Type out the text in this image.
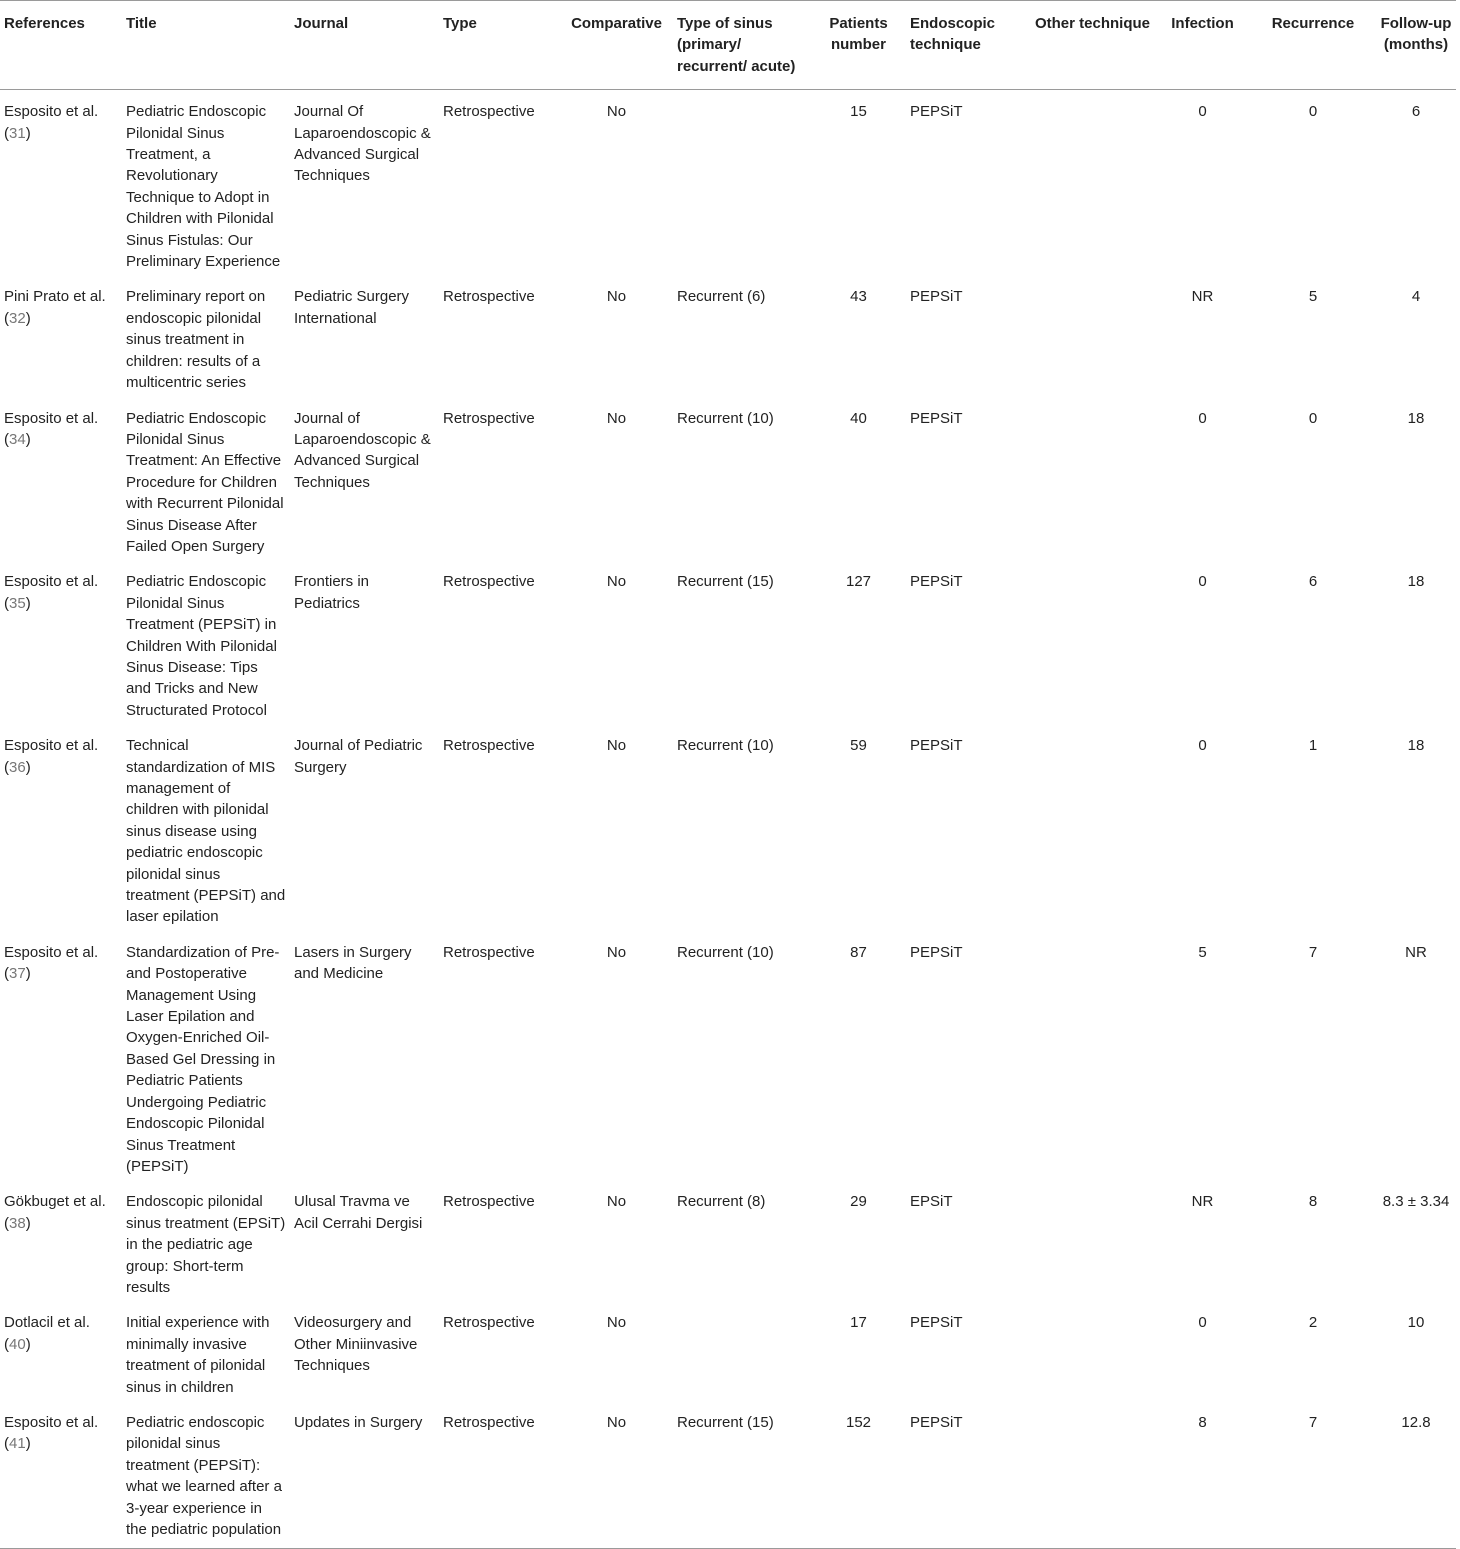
References	Title	Journal	Type	Comparative	Type of sinus (primary/ recurrent/ acute)	Patients number	Endoscopic technique	Other technique	Infection	Recurrence	Follow-up (months)
Esposito et al. (31)	Pediatric Endoscopic Pilonidal Sinus Treatment, a Revolutionary Technique to Adopt in Children with Pilonidal Sinus Fistulas: Our Preliminary Experience	Journal Of Laparoendoscopic & Advanced Surgical Techniques	Retrospective	No		15	PEPSiT		0	0	6
Pini Prato et al. (32)	Preliminary report on endoscopic pilonidal sinus treatment in children: results of a multicentric series	Pediatric Surgery International	Retrospective	No	Recurrent (6)	43	PEPSiT		NR	5	4
Esposito et al. (34)	Pediatric Endoscopic Pilonidal Sinus Treatment: An Effective Procedure for Children with Recurrent Pilonidal Sinus Disease After Failed Open Surgery	Journal of Laparoendoscopic & Advanced Surgical Techniques	Retrospective	No	Recurrent (10)	40	PEPSiT		0	0	18
Esposito et al. (35)	Pediatric Endoscopic Pilonidal Sinus Treatment (PEPSiT) in Children With Pilonidal Sinus Disease: Tips and Tricks and New Structurated Protocol	Frontiers in Pediatrics	Retrospective	No	Recurrent (15)	127	PEPSiT		0	6	18
Esposito et al. (36)	Technical standardization of MIS management of children with pilonidal sinus disease using pediatric endoscopic pilonidal sinus treatment (PEPSiT) and laser epilation	Journal of Pediatric Surgery	Retrospective	No	Recurrent (10)	59	PEPSiT		0	1	18
Esposito et al. (37)	Standardization of Pre- and Postoperative Management Using Laser Epilation and Oxygen-Enriched Oil-Based Gel Dressing in Pediatric Patients Undergoing Pediatric Endoscopic Pilonidal Sinus Treatment (PEPSiT)	Lasers in Surgery and Medicine	Retrospective	No	Recurrent (10)	87	PEPSiT		5	7	NR
Gökbuget et al. (38)	Endoscopic pilonidal sinus treatment (EPSiT) in the pediatric age group: Short-term results	Ulusal Travma ve Acil Cerrahi Dergisi	Retrospective	No	Recurrent (8)	29	EPSiT		NR	8	8.3 ± 3.34
Dotlacil et al. (40)	Initial experience with minimally invasive treatment of pilonidal sinus in children	Videosurgery and Other Miniinvasive Techniques	Retrospective	No		17	PEPSiT		0	2	10
Esposito et al. (41)	Pediatric endoscopic pilonidal sinus treatment (PEPSiT): what we learned after a 3-year experience in the pediatric population	Updates in Surgery	Retrospective	No	Recurrent (15)	152	PEPSiT		8	7	12.8
